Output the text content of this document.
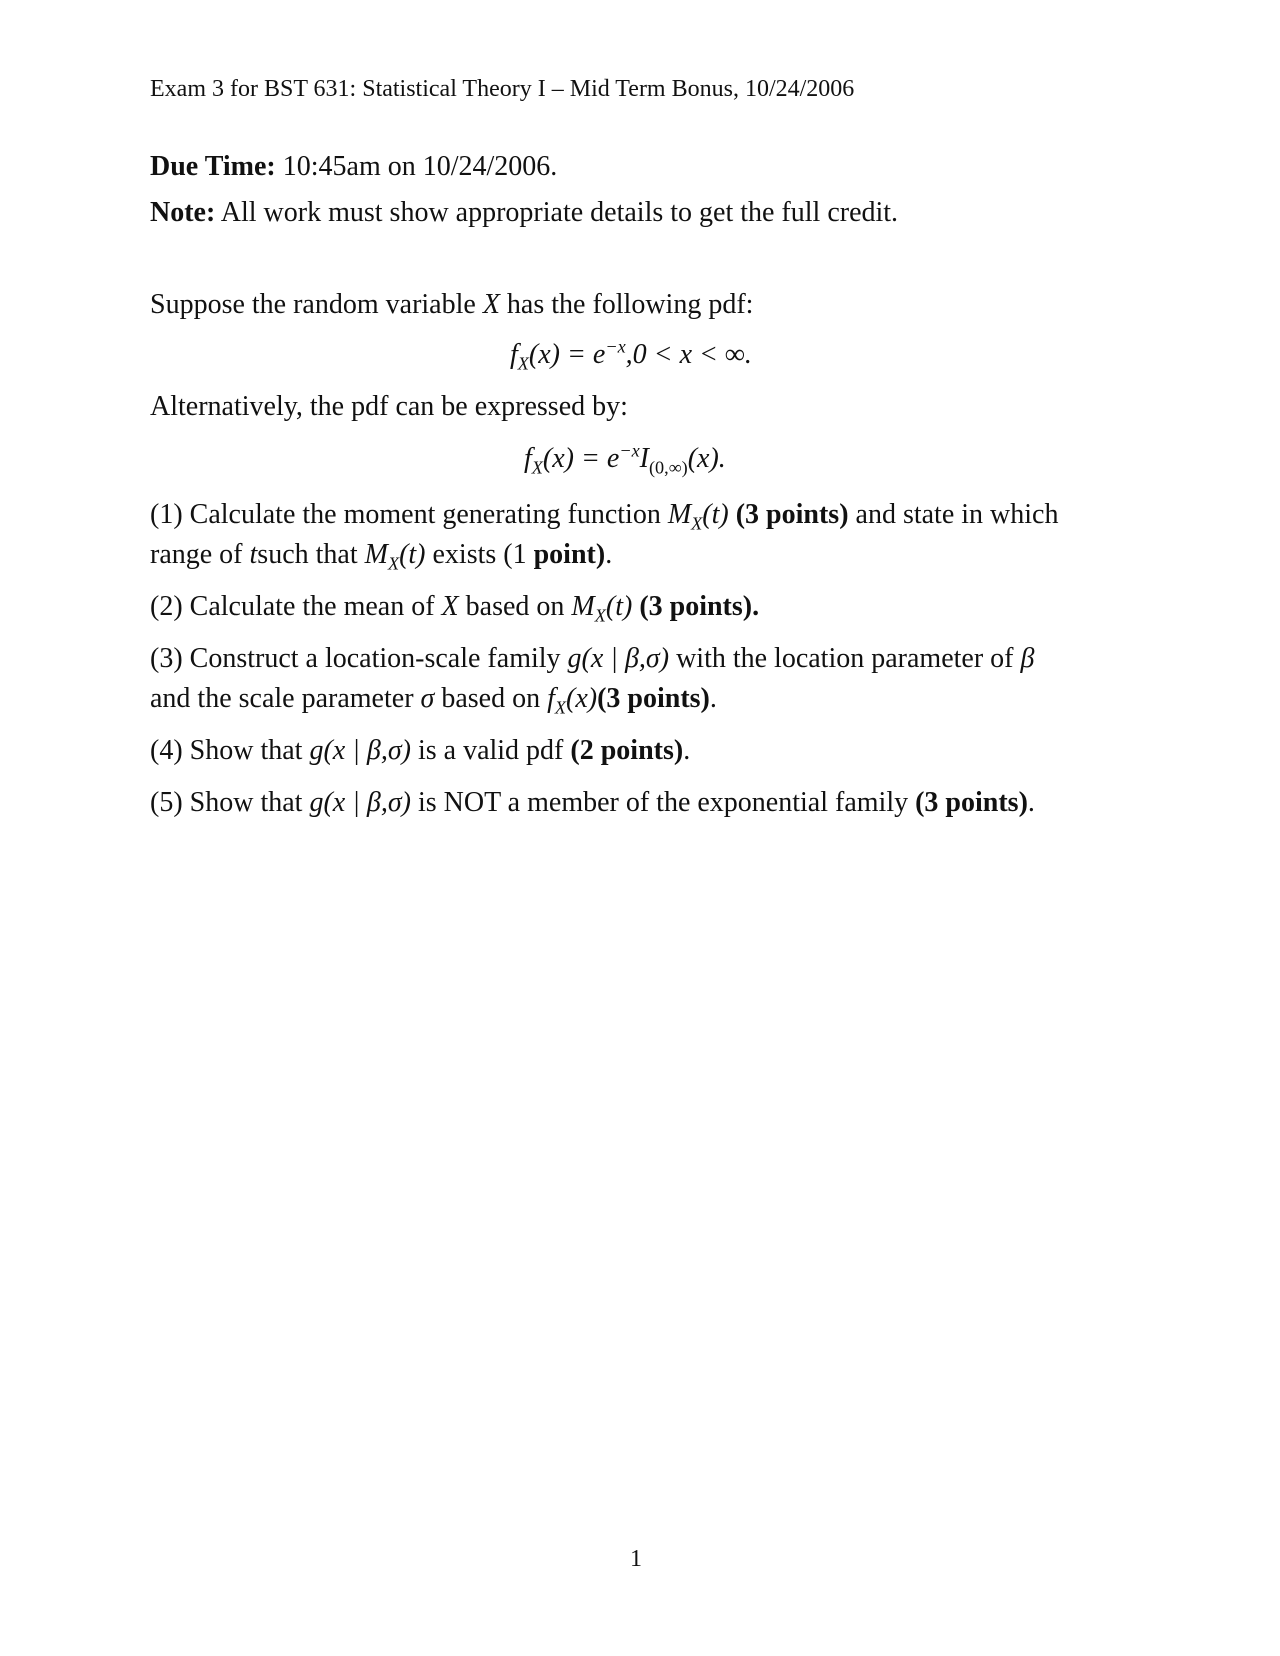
Exam 3 for BST 631: Statistical Theory I – Mid Term Bonus, 10/24/2006
Due Time: 10:45am on 10/24/2006.
Note: All work must show appropriate details to get the full credit.
Suppose the random variable X has the following pdf:
$f_X(x) = e^{-x},0 < x$ < ∞.
Alternatively, the pdf can be expressed by:
$f_X(x) = e^{-x}I_{(0,\infty)}(x)$.
(1) Calculate the moment generating function $M_X(t)$ (3 points) and state in which
range of tsuch that $M_X(t)$ exists (1 point).
(2) Calculate the mean of X based on $M_X(t)$ (3 points).
(3) Construct a location-scale family g(x | β,σ) with the location parameter of β
and the scale parameter σ based on $f_X(x)(3$ points).
(4) Show that g(x | β,σ) is a valid pdf (2 points).
(5) Show that g(x | β,σ) is NOT a member of the exponential family (3 points).
1
